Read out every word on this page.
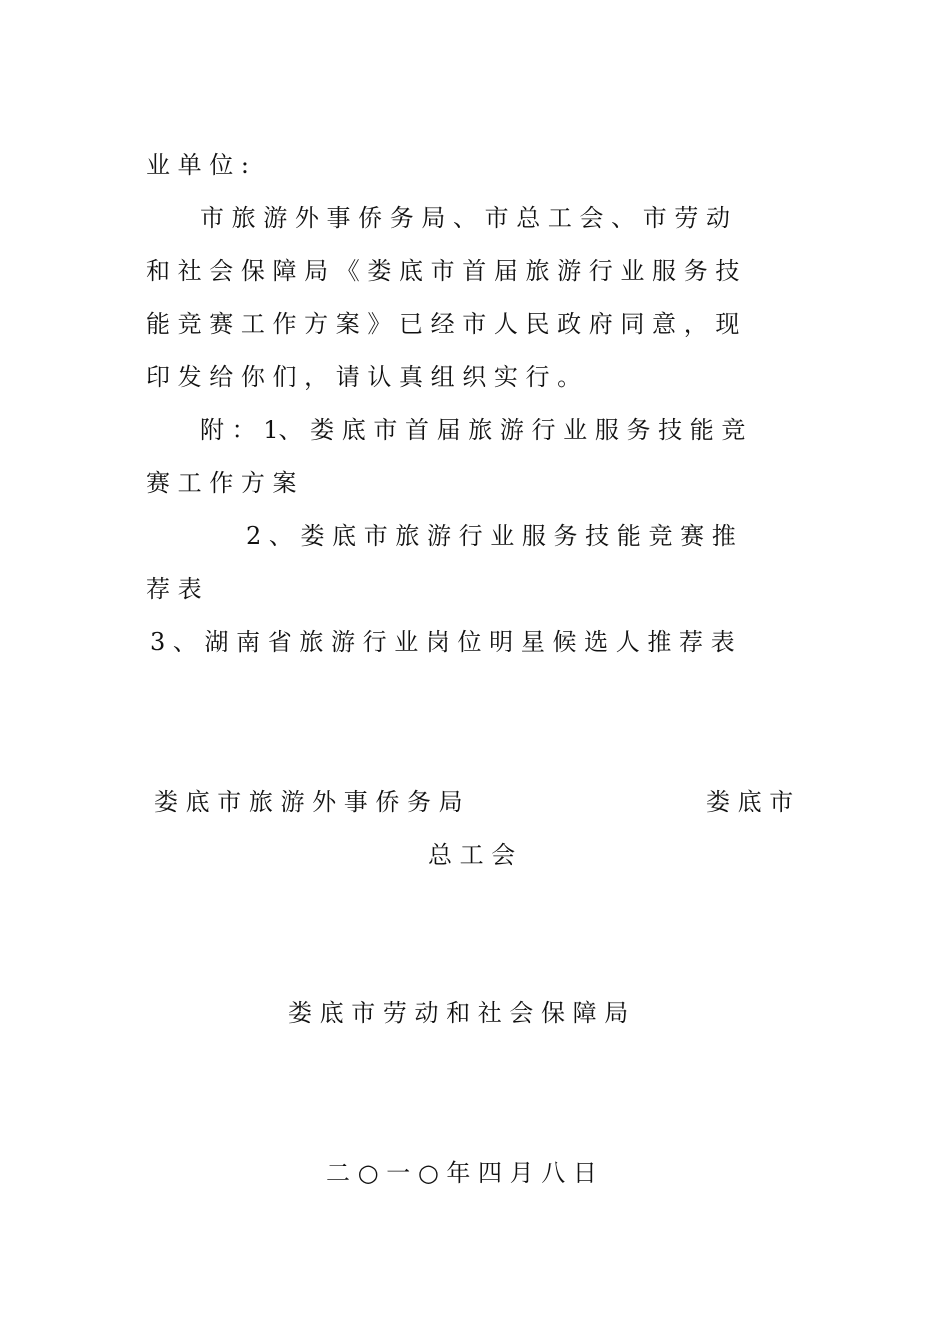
业 单 位 :
市 旅 游 外 事 侨 务 局 、 市 总 工 会 、 市 劳 动
和 社 会 保 障 局 《 娄 底 市 首 届 旅 游 行 业 服 务 技
能 竞 赛 工 作 方 案 》 已 经 市 人 民 政 府 同 意 ， 现
印 发 给 你 们 ， 请 认 真 组 织 实 行 。
附 ： 1、 娄 底 市 首 届 旅 游 行 业 服 务 技 能 竞
赛 工 作 方 案
2 、 娄 底 市 旅 游 行 业 服 务 技 能 竞 赛 推
荐 表
3 、 湖 南 省 旅 游 行 业 岗 位 明 星 候 选 人 推 荐 表
娄 底 市 旅 游 外 事 侨 务 局	娄 底 市
总 工 会
娄 底 市 劳 动 和 社 会 保 障 局
二 ○ 一 ○ 年 四 月 八 日
